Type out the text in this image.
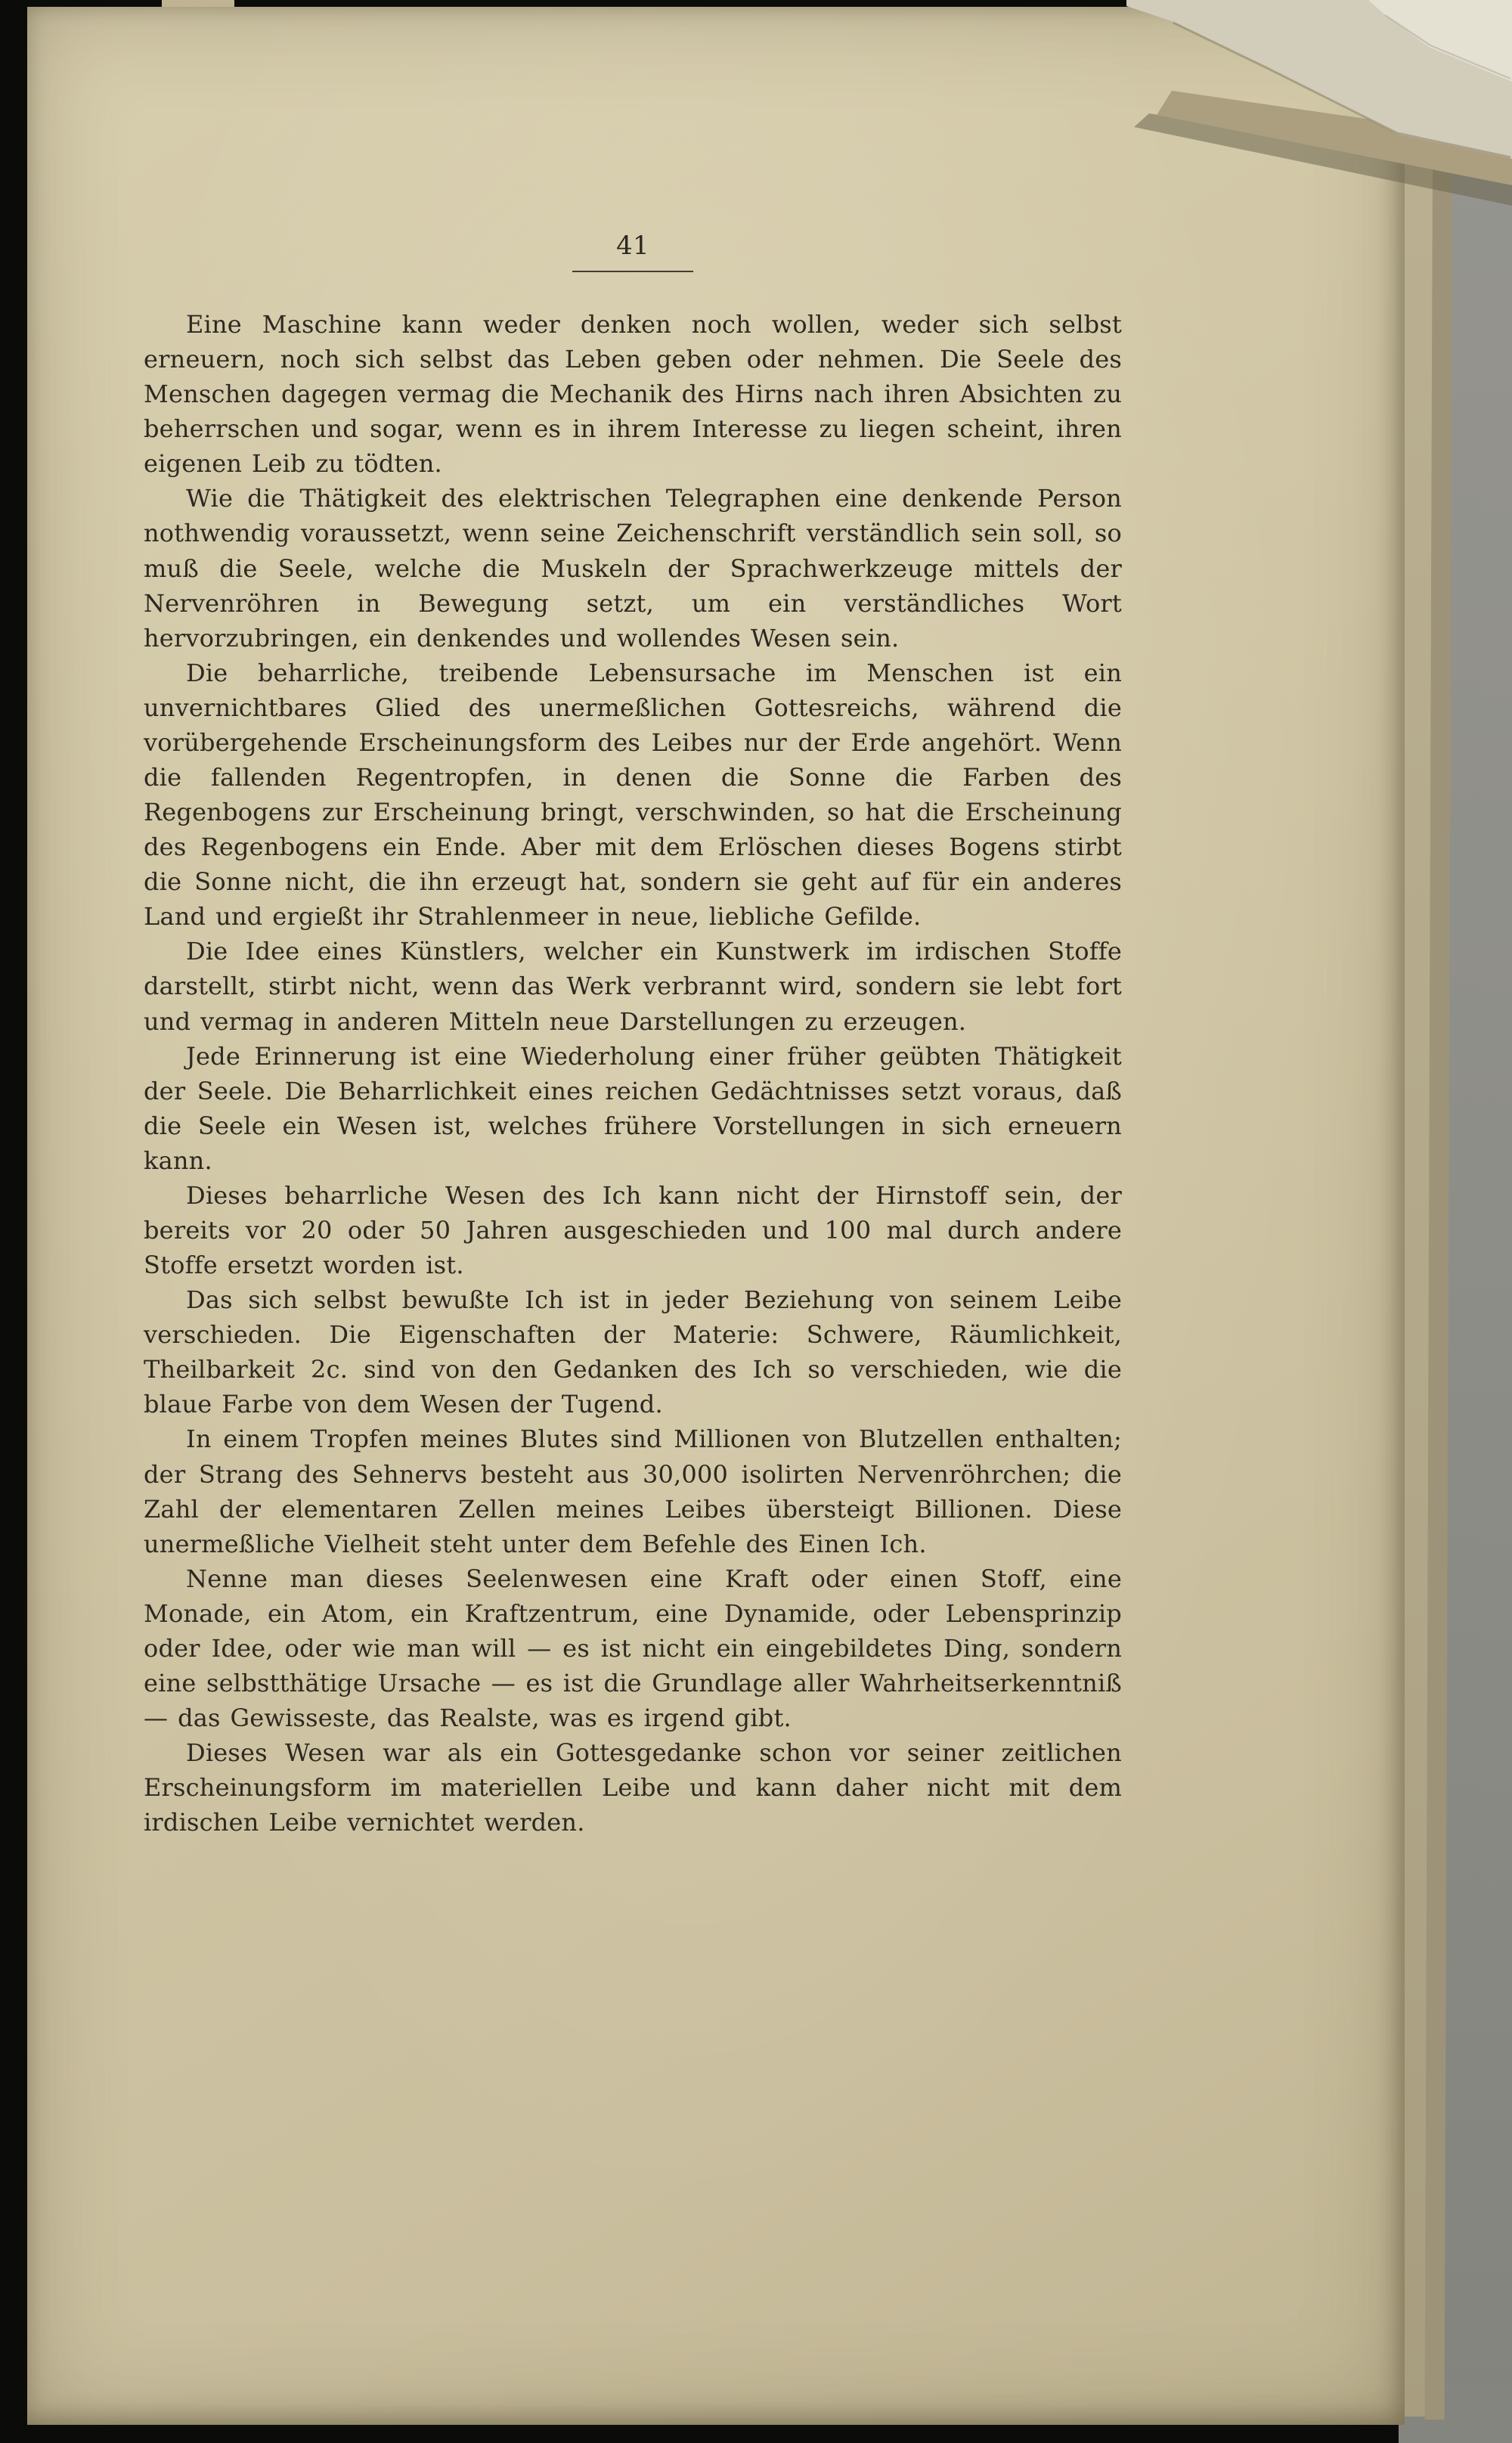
41

Eine Maschine kann weder denken noch wollen, weder sich selbst erneuern, noch sich selbst das Leben geben oder nehmen. Die Seele des Menschen dagegen vermag die Mechanik des Hirns nach ihren Absichten zu beherrschen und sogar, wenn es in ihrem Interesse zu liegen scheint, ihren eigenen Leib zu tödten.

Wie die Thätigkeit des elektrischen Telegraphen eine denkende Person nothwendig voraussetzt, wenn seine Zeichenschrift verständlich sein soll, so muß die Seele, welche die Muskeln der Sprachwerkzeuge mittels der Nervenröhren in Bewegung setzt, um ein verständliches Wort hervorzubringen, ein denkendes und wollendes Wesen sein.

Die beharrliche, treibende Lebensursache im Menschen ist ein unvernichtbares Glied des unermeßlichen Gottesreichs, während die vorübergehende Erscheinungsform des Leibes nur der Erde angehört. Wenn die fallenden Regentropfen, in denen die Sonne die Farben des Regenbogens zur Erscheinung bringt, verschwinden, so hat die Erscheinung des Regenbogens ein Ende. Aber mit dem Erlöschen dieses Bogens stirbt die Sonne nicht, die ihn erzeugt hat, sondern sie geht auf für ein anderes Land und ergießt ihr Strahlenmeer in neue, liebliche Gefilde.

Die Idee eines Künstlers, welcher ein Kunstwerk im irdischen Stoffe darstellt, stirbt nicht, wenn das Werk verbrannt wird, sondern sie lebt fort und vermag in anderen Mitteln neue Darstellungen zu erzeugen.

Jede Erinnerung ist eine Wiederholung einer früher geübten Thätigkeit der Seele. Die Beharrlichkeit eines reichen Gedächtnisses setzt voraus, daß die Seele ein Wesen ist, welches frühere Vorstellungen in sich erneuern kann.

Dieses beharrliche Wesen des Ich kann nicht der Hirnstoff sein, der bereits vor 20 oder 50 Jahren ausgeschieden und 100 mal durch andere Stoffe ersetzt worden ist.

Das sich selbst bewußte Ich ist in jeder Beziehung von seinem Leibe verschieden. Die Eigenschaften der Materie: Schwere, Räumlichkeit, Theilbarkeit 2c. sind von den Gedanken des Ich so verschieden, wie die blaue Farbe von dem Wesen der Tugend.

In einem Tropfen meines Blutes sind Millionen von Blutzellen enthalten; der Strang des Sehnervs besteht aus 30,000 isolirten Nervenröhrchen; die Zahl der elementaren Zellen meines Leibes übersteigt Billionen. Diese unermeßliche Vielheit steht unter dem Befehle des Einen Ich.

Nenne man dieses Seelenwesen eine Kraft oder einen Stoff, eine Monade, ein Atom, ein Kraftzentrum, eine Dynamide, oder Lebensprinzip oder Idee, oder wie man will — es ist nicht ein eingebildetes Ding, sondern eine selbstthätige Ursache — es ist die Grundlage aller Wahrheitserkenntniß — das Gewisseste, das Realste, was es irgend gibt.

Dieses Wesen war als ein Gottesgedanke schon vor seiner zeitlichen Erscheinungsform im materiellen Leibe und kann daher nicht mit dem irdischen Leibe vernichtet werden.
